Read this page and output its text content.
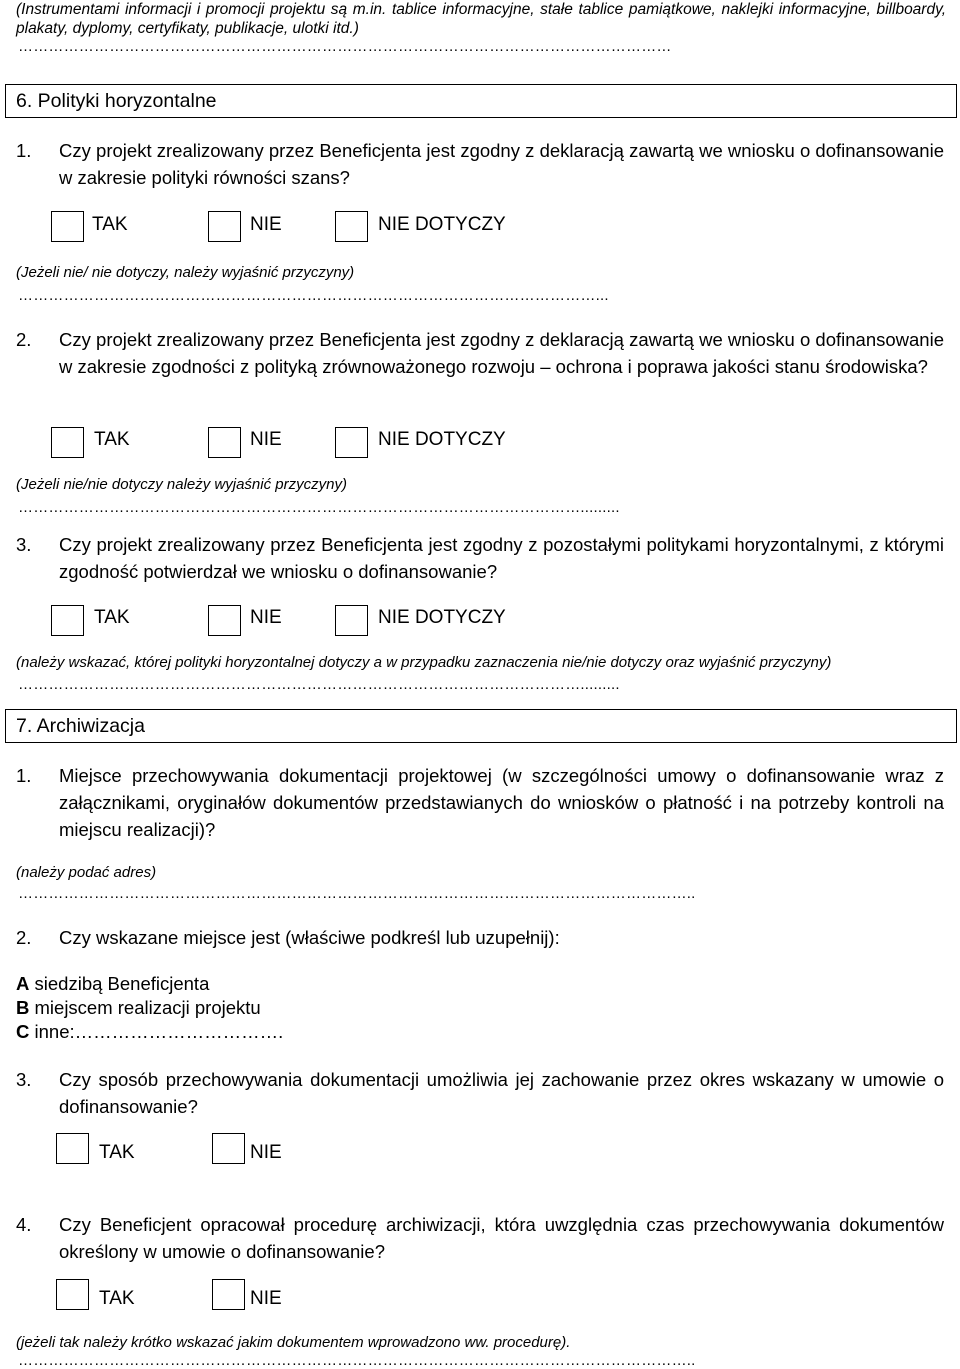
(Instrumentami informacji i promocji projektu są m.in. tablice informacyjne, stałe tablice pamiątkowe, naklejki informacyjne, billboardy, plakaty, dyplomy, certyfikaty, publikacje, ulotki itd.)
…………………………………………………………………………………………………………………
6. Polityki horyzontalne
1. Czy projekt zrealizowany przez Beneficjenta jest zgodny z deklaracją zawartą we wniosku o dofinansowanie w zakresie polityki równości szans?
TAK	NIE	NIE DOTYCZY
(Jeżeli nie/ nie dotyczy, należy wyjaśnić przyczyny)
……………………………………………………………………………………………………...
2. Czy projekt zrealizowany przez Beneficjenta jest zgodny z deklaracją zawartą we wniosku o dofinansowanie w zakresie zgodności z polityką zrównoważonego rozwoju – ochrona i poprawa jakości stanu środowiska?
TAK	NIE	NIE DOTYCZY
(Jeżeli nie/nie dotyczy należy wyjaśnić przyczyny)
………………………………………………………………………………………………….........
3. Czy projekt zrealizowany przez Beneficjenta jest zgodny z pozostałymi politykami horyzontalnymi, z którymi zgodność potwierdzał we wniosku o dofinansowanie?
TAK	NIE	NIE DOTYCZY
(należy wskazać, której polityki horyzontalnej dotyczy a w przypadku zaznaczenia nie/nie dotyczy oraz wyjaśnić przyczyny)
………………………………………………………………………………………………….........
7. Archiwizacja
1. Miejsce przechowywania dokumentacji projektowej (w szczególności umowy o dofinansowanie wraz z załącznikami, oryginałów dokumentów przedstawianych do wniosków o płatność i na potrzeby kontroli na miejscu realizacji)?
(należy podać adres)
……………………………………………………………………………………………………………………..
2. Czy wskazane miejsce jest (właściwe podkreśl lub uzupełnij):
A siedzibą Beneficjenta
B miejscem realizacji projektu
C inne:…………………………….
3. Czy sposób przechowywania dokumentacji umożliwia jej zachowanie przez okres wskazany w umowie o dofinansowanie?
TAK	NIE
4. Czy Beneficjent opracował procedurę archiwizacji, która uwzględnia czas przechowywania dokumentów określony w umowie o dofinansowanie?
TAK	NIE
(jeżeli tak należy krótko wskazać jakim dokumentem wprowadzono ww. procedurę).
……………………………………………………………………………………………………………………..
